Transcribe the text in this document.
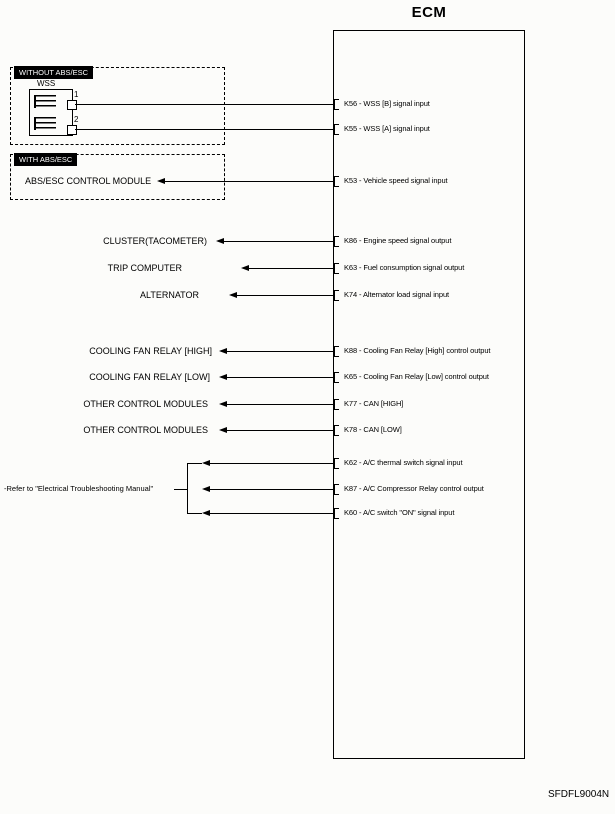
ECM
WITHOUT ABS/ESC
WSS
1
2
WITH ABS/ESC
ABS/ESC CONTROL MODULE
-Refer to "Electrical Troubleshooting Manual"
SFDFL9004N
K56 - WSS [B] signal input
K55 - WSS [A] signal input
K53 - Vehicle speed signal input
K86 - Engine speed signal output
K63 - Fuel consumption signal output
K74 - Alternator load signal input
K88 - Cooling Fan Relay [High] control output
K65 - Cooling Fan Relay [Low] control output
K77 - CAN [HIGH]
K78 - CAN [LOW]
K62 - A/C thermal switch signal input
K87 - A/C Compressor Relay control output
K60 - A/C switch "ON" signal input
CLUSTER(TACOMETER)
TRIP COMPUTER
ALTERNATOR
COOLING FAN RELAY [HIGH]
COOLING FAN RELAY [LOW]
OTHER CONTROL MODULES
OTHER CONTROL MODULES
